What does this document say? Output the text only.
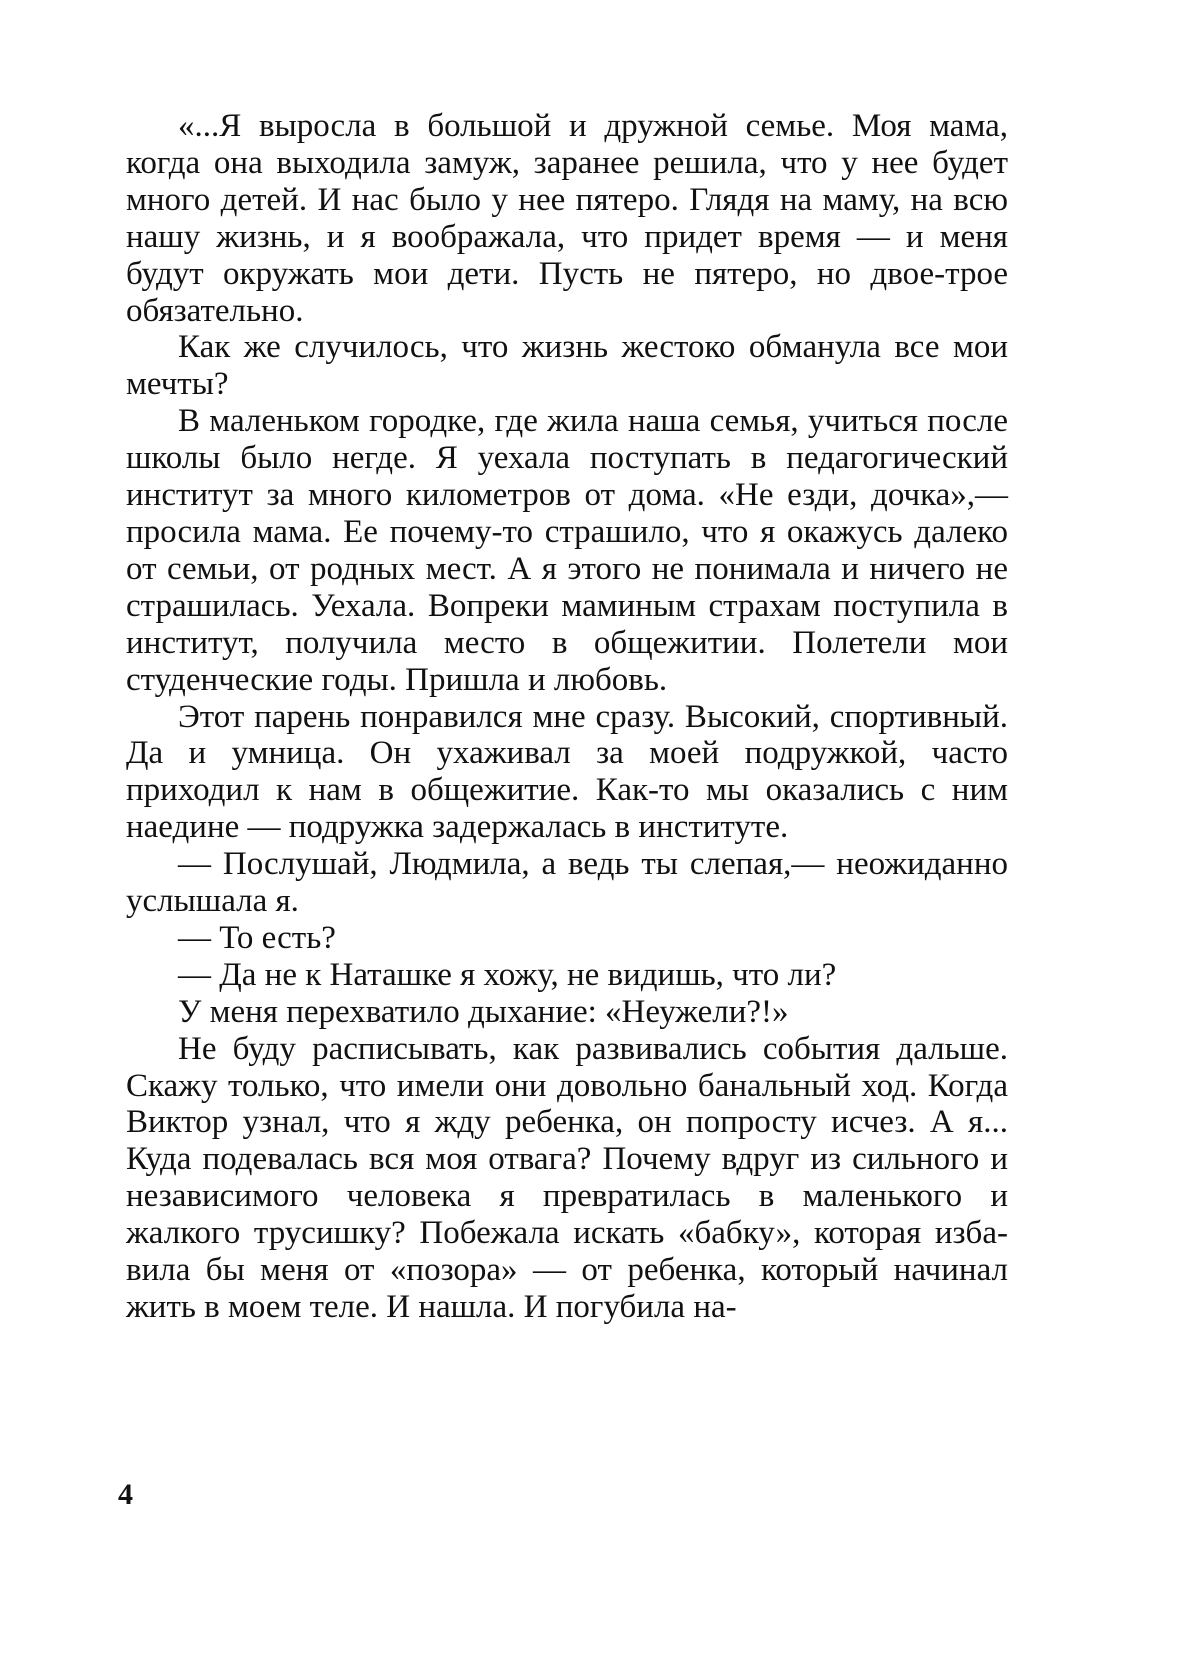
«...Я выросла в большой и дружной семье. Моя мама, когда она выходила замуж, заранее решила, что у нее будет много детей. И нас было у нее пятеро. Глядя на маму, на всю нашу жизнь, и я воображала, что придет время — и меня будут окружать мои дети. Пусть не пятеро, но двое-трое обязательно.

Как же случилось, что жизнь жестоко обманула все мои мечты?

В маленьком городке, где жила наша семья, учиться после школы было негде. Я уехала поступать в педагогический институт за много километров от дома. «Не езди, дочка»,— просила мама. Ее почему-то страшило, что я окажусь далеко от семьи, от родных мест. А я этого не понимала и ничего не страшилась. Уехала. Вопреки маминым страхам поступила в институт, получила место в общежитии. Полетели мои студенческие годы. Пришла и любовь.

Этот парень понравился мне сразу. Высокий, спортивный. Да и умница. Он ухаживал за моей подружкой, часто приходил к нам в общежитие. Как-то мы оказались с ним наедине — подружка задержалась в институте.

— Послушай, Людмила, а ведь ты слепая,— неожиданно услышала я.

— То есть?

— Да не к Наташке я хожу, не видишь, что ли?

У меня перехватило дыхание: «Неужели?!»

Не буду расписывать, как развивались события дальше. Скажу только, что имели они довольно банальный ход. Когда Виктор узнал, что я жду ребенка, он попросту исчез. А я... Куда подевалась вся моя отвага? Почему вдруг из сильного и независимого человека я превратилась в маленького и жалкого трусишку? Побежала искать «бабку», которая избавила бы меня от «позора» — от ребенка, который начинал жить в моем теле. И нашла. И погубила на-

4
